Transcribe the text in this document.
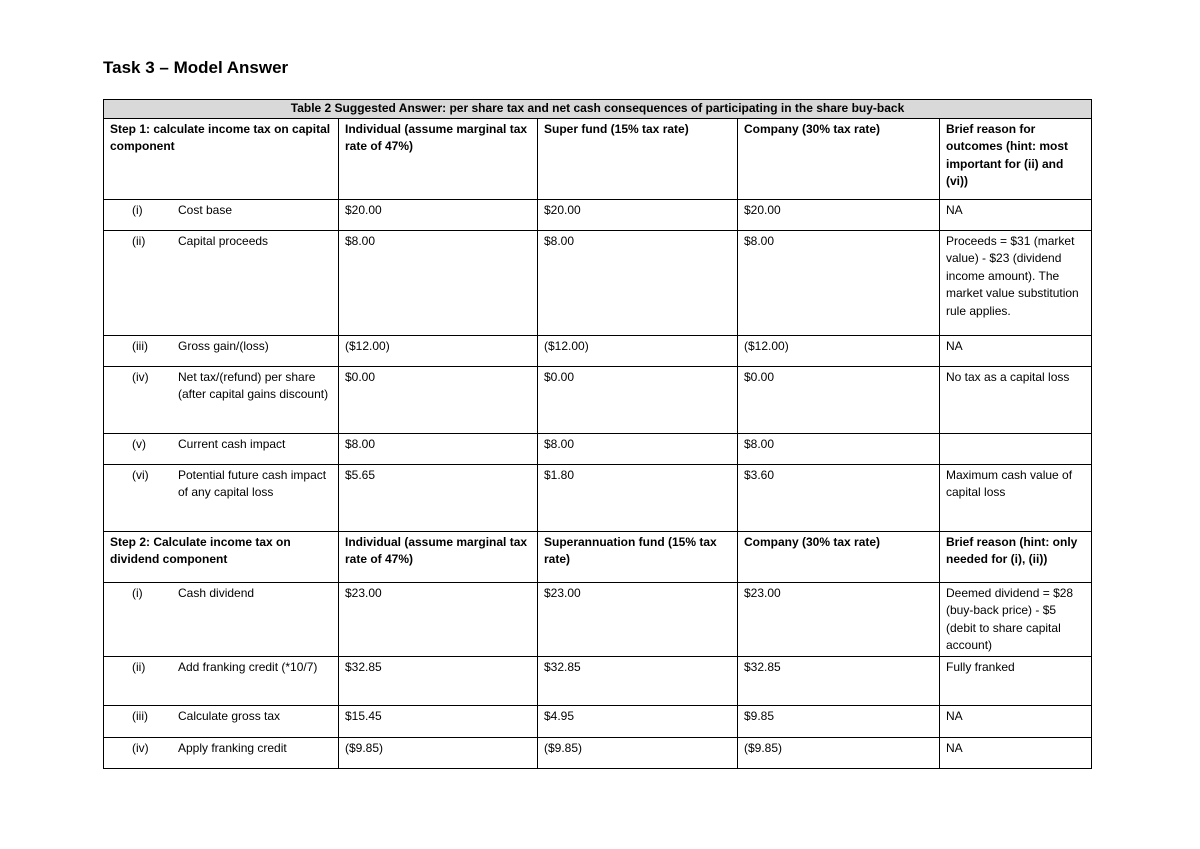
Task 3 – Model Answer
Table 2 Suggested Answer: per share tax and net cash consequences of participating in the share buy-back				
Step 1: calculate income tax on capital component	Individual (assume marginal tax rate of 47%)	Super fund (15% tax rate)	Company (30% tax rate)	Brief reason for outcomes (hint: most important for (ii) and (vi))

(i) Cost base	$20.00	$20.00	$20.00	NA

(ii) Capital proceeds	$8.00	$8.00	$8.00	Proceeds = $31 (market value) - $23 (dividend income amount). The market value substitution rule applies.

(iii) Gross gain/(loss)	($12.00)	($12.00)	($12.00)	NA

(iv) Net tax/(refund) per share (after capital gains discount)	$0.00	$0.00	$0.00	No tax as a capital loss

(v) Current cash impact	$8.00	$8.00	$8.00	

(vi) Potential future cash impact of any capital loss	$5.65	$1.80	$3.60	Maximum cash value of capital loss
Step 2: Calculate income tax on dividend component	Individual (assume marginal tax rate of 47%)	Superannuation fund (15% tax rate)	Company (30% tax rate)	Brief reason (hint: only needed for (i), (ii))

(i) Cash dividend	$23.00	$23.00	$23.00	Deemed dividend = $28 (buy-back price) - $5 (debit to share capital account)

(ii) Add franking credit (*10/7)	$32.85	$32.85	$32.85	Fully franked

(iii) Calculate gross tax	$15.45	$4.95	$9.85	NA

(iv) Apply franking credit	($9.85)	($9.85)	($9.85)	NA
